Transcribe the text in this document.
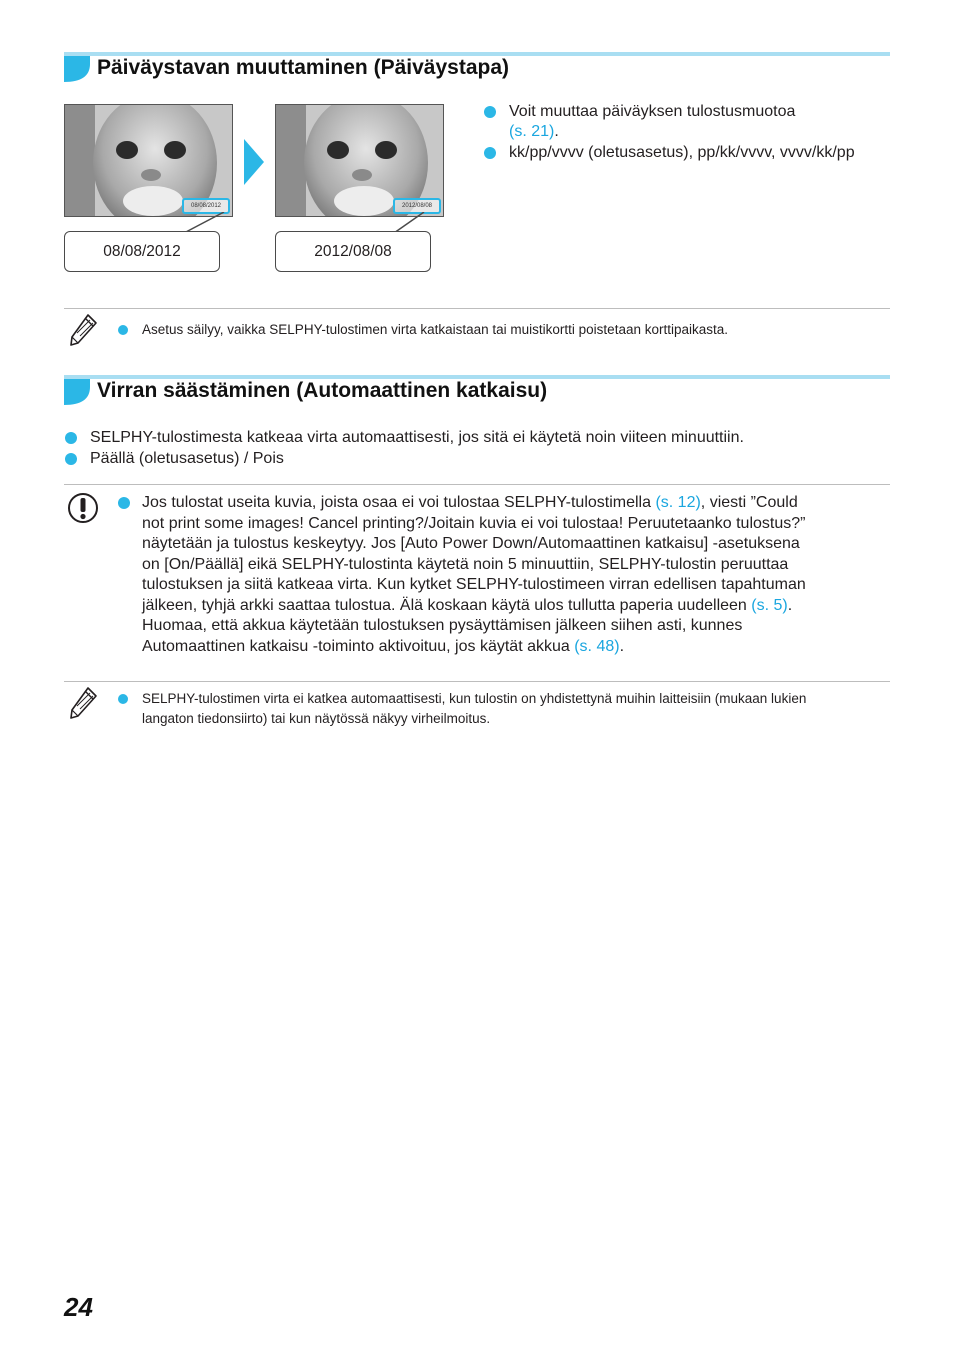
Päiväystavan muuttaminen (Päiväystapa)
08/08/2012	2012/08/08
08/08/2012	2012/08/08
Voit muuttaa päiväyksen tulostusmuotoa
(s. 21).
kk/pp/vvvv (oletusasetus), pp/kk/vvvv, vvvv/kk/pp
Asetus säilyy, vaikka SELPHY-tulostimen virta katkaistaan tai muistikortti poistetaan korttipaikasta.
Virran säästäminen (Automaattinen katkaisu)
SELPHY-tulostimesta katkeaa virta automaattisesti, jos sitä ei käytetä noin viiteen minuuttiin.
Päällä (oletusasetus) / Pois
Jos tulostat useita kuvia, joista osaa ei voi tulostaa SELPHY-tulostimella (s. 12), viesti ”Could
not print some images! Cancel printing?/Joitain kuvia ei voi tulostaa! Peruutetaanko tulostus?”
näytetään ja tulostus keskeytyy. Jos [Auto Power Down/Automaattinen katkaisu] -asetuksena
on [On/Päällä] eikä SELPHY-tulostinta käytetä noin 5 minuuttiin, SELPHY-tulostin peruuttaa
tulostuksen ja siitä katkeaa virta. Kun kytket SELPHY-tulostimeen virran edellisen tapahtuman
jälkeen, tyhjä arkki saattaa tulostua. Älä koskaan käytä ulos tullutta paperia uudelleen (s. 5).
Huomaa, että akkua käytetään tulostuksen pysäyttämisen jälkeen siihen asti, kunnes
Automaattinen katkaisu -toiminto aktivoituu, jos käytät akkua (s. 48).
SELPHY-tulostimen virta ei katkea automaattisesti, kun tulostin on yhdistettynä muihin laitteisiin (mukaan lukien
langaton tiedonsiirto) tai kun näytössä näkyy virheilmoitus.
24
